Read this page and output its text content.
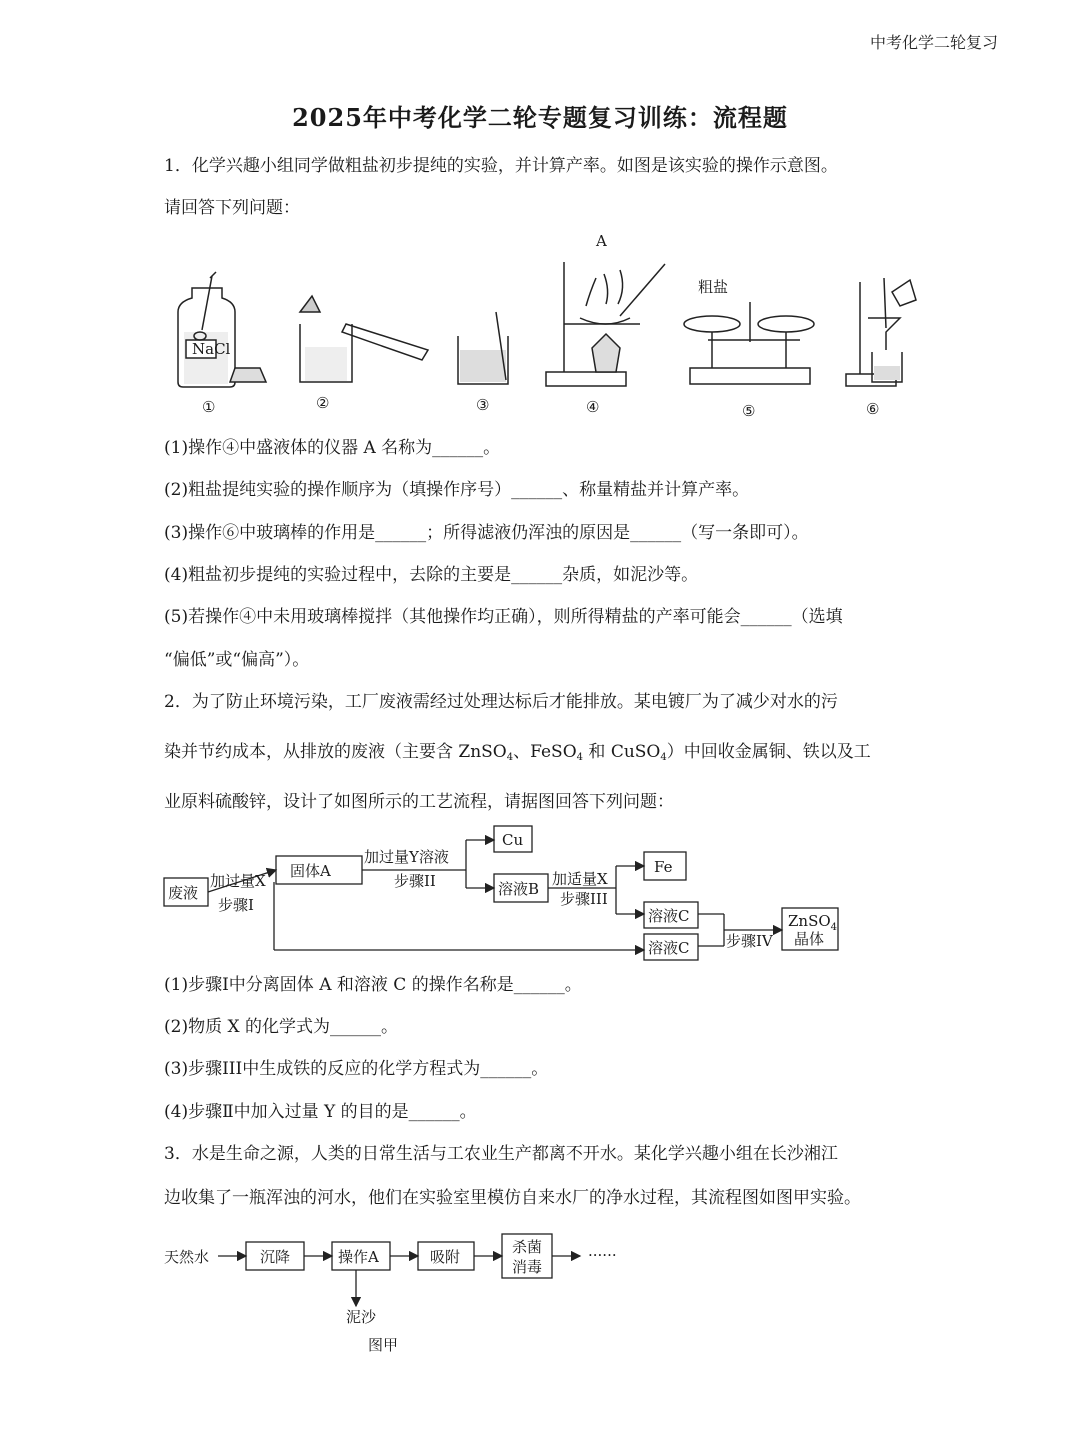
中考化学二轮复习
2025年中考化学二轮专题复习训练：流程题
1．化学兴趣小组同学做粗盐初步提纯的实验，并计算产率。如图是该实验的操作示意图。
请回答下列问题：
NaCl
A
粗盐
①	②	③	④	⑤	⑥
(1)操作④中盛液体的仪器 A 名称为______。
(2)粗盐提纯实验的操作顺序为（填操作序号）______、称量精盐并计算产率。
(3)操作⑥中玻璃棒的作用是______；所得滤液仍浑浊的原因是______（写一条即可）。
(4)粗盐初步提纯的实验过程中，去除的主要是______杂质，如泥沙等。
(5)若操作④中未用玻璃棒搅拌（其他操作均正确），则所得精盐的产率可能会______（选填
“偏低”或“偏高”）。
2．为了防止环境污染，工厂废液需经过处理达标后才能排放。某电镀厂为了减少对水的污
染并节约成本，从排放的废液（主要含 ZnSO$_4$、FeSO$_4$ 和 CuSO$_4$）中回收金属铜、铁以及工
业原料硫酸锌，设计了如图所示的工艺流程，请据图回答下列问题：
废液
加过量X
步骤I
固体A
加过量Y溶液
步骤II
Cu
溶液B
加适量X
步骤III
Fe
溶液C
溶液C 步骤IV
ZnSO$_4$
晶体
(1)步骤Ⅰ中分离固体 A 和溶液 C 的操作名称是______。
(2)物质 X 的化学式为______。
(3)步骤III中生成铁的反应的化学方程式为______。
(4)步骤Ⅱ中加入过量 Y 的目的是______。
3．水是生命之源，人类的日常生活与工农业生产都离不开水。某化学兴趣小组在长沙湘江
边收集了一瓶浑浊的河水，他们在实验室里模仿自来水厂的净水过程，其流程图如图甲实验。
天然水	沉降	操作A	吸附
杀菌
消毒
······
泥沙
图甲
